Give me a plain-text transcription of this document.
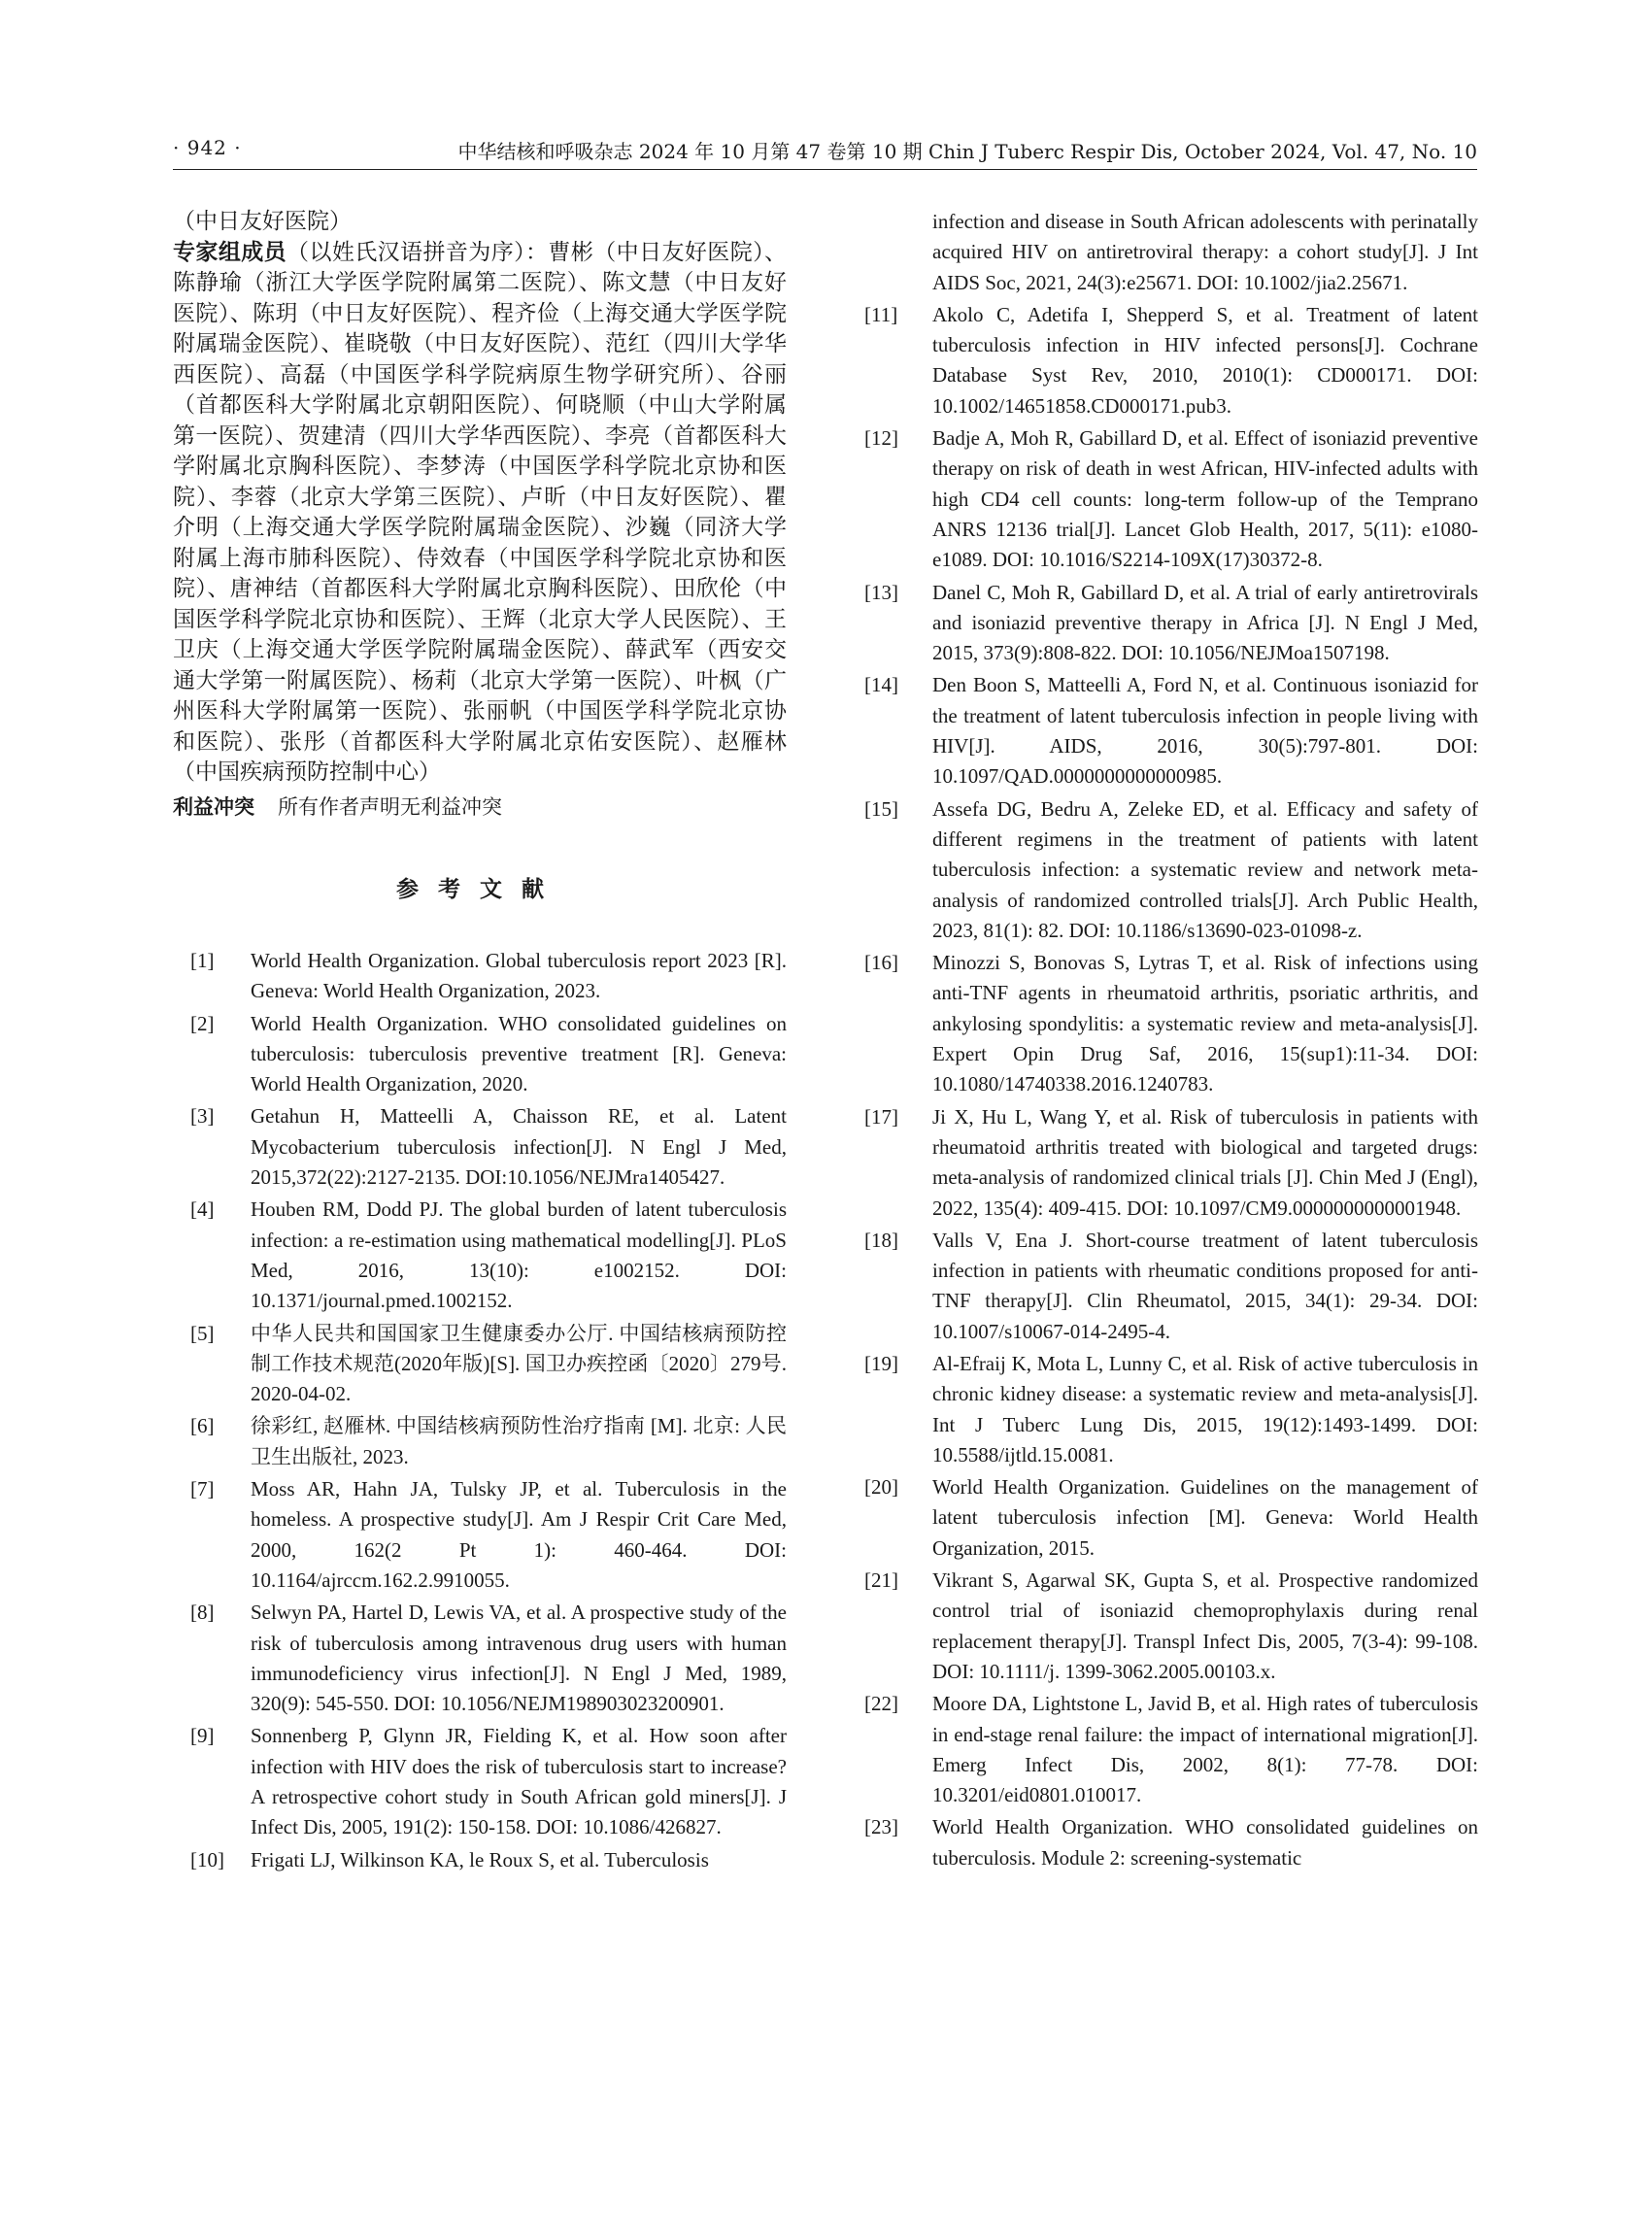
· 942 ·	中华结核和呼吸杂志 2024 年 10 月第 47 卷第 10 期 Chin J Tuberc Respir Dis, October 2024, Vol. 47, No. 10

（中日友好医院）

专家组成员（以姓氏汉语拼音为序）：曹彬（中日友好医院）、陈静瑜（浙江大学医学院附属第二医院）、陈文慧（中日友好医院）、陈玥（中日友好医院）、程齐俭（上海交通大学医学院附属瑞金医院）、崔晓敬（中日友好医院）、范红（四川大学华西医院）、高磊（中国医学科学院病原生物学研究所）、谷丽（首都医科大学附属北京朝阳医院）、何晓顺（中山大学附属第一医院）、贺建清（四川大学华西医院）、李亮（首都医科大学附属北京胸科医院）、李梦涛（中国医学科学院北京协和医院）、李蓉（北京大学第三医院）、卢昕（中日友好医院）、瞿介明（上海交通大学医学院附属瑞金医院）、沙巍（同济大学附属上海市肺科医院）、侍效春（中国医学科学院北京协和医院）、唐神结（首都医科大学附属北京胸科医院）、田欣伦（中国医学科学院北京协和医院）、王辉（北京大学人民医院）、王卫庆（上海交通大学医学院附属瑞金医院）、薛武军（西安交通大学第一附属医院）、杨莉（北京大学第一医院）、叶枫（广州医科大学附属第一医院）、张丽帆（中国医学科学院北京协和医院）、张彤（首都医科大学附属北京佑安医院）、赵雁林（中国疾病预防控制中心）

利益冲突 所有作者声明无利益冲突

参考文献
[1] World Health Organization. Global tuberculosis report 2023 [R]. Geneva: World Health Organization, 2023.
[2] World Health Organization. WHO consolidated guidelines on tuberculosis: tuberculosis preventive treatment [R]. Geneva: World Health Organization, 2020.
[3] Getahun H, Matteelli A, Chaisson RE, et al. Latent Mycobacterium tuberculosis infection[J]. N Engl J Med, 2015,372(22):2127-2135. DOI:10.1056/NEJMra1405427.
[4] Houben RM, Dodd PJ. The global burden of latent tuberculosis infection: a re-estimation using mathematical modelling[J]. PLoS Med, 2016, 13(10): e1002152. DOI: 10.1371/journal.pmed.1002152.
[5] 中华人民共和国国家卫生健康委办公厅. 中国结核病预防控制工作技术规范(2020年版)[S]. 国卫办疾控函〔2020〕279号. 2020-04-02.
[6] 徐彩红, 赵雁林. 中国结核病预防性治疗指南 [M]. 北京: 人民卫生出版社, 2023.
[7] Moss AR, Hahn JA, Tulsky JP, et al. Tuberculosis in the homeless. A prospective study[J]. Am J Respir Crit Care Med, 2000, 162(2 Pt 1): 460-464. DOI: 10.1164/ajrccm.162.2.9910055.
[8] Selwyn PA, Hartel D, Lewis VA, et al. A prospective study of the risk of tuberculosis among intravenous drug users with human immunodeficiency virus infection[J]. N Engl J Med, 1989, 320(9): 545-550. DOI: 10.1056/NEJM198903023200901.
[9] Sonnenberg P, Glynn JR, Fielding K, et al. How soon after infection with HIV does the risk of tuberculosis start to increase? A retrospective cohort study in South African gold miners[J]. J Infect Dis, 2005, 191(2): 150-158. DOI: 10.1086/426827.
[10] Frigati LJ, Wilkinson KA, le Roux S, et al. Tuberculosis
infection and disease in South African adolescents with perinatally acquired HIV on antiretroviral therapy: a cohort study[J]. J Int AIDS Soc, 2021, 24(3):e25671. DOI: 10.1002/jia2.25671.
[11] Akolo C, Adetifa I, Shepperd S, et al. Treatment of latent tuberculosis infection in HIV infected persons[J]. Cochrane Database Syst Rev, 2010, 2010(1): CD000171. DOI: 10.1002/14651858.CD000171.pub3.
[12] Badje A, Moh R, Gabillard D, et al. Effect of isoniazid preventive therapy on risk of death in west African, HIV-infected adults with high CD4 cell counts: long-term follow-up of the Temprano ANRS 12136 trial[J]. Lancet Glob Health, 2017, 5(11): e1080-e1089. DOI: 10.1016/S2214-109X(17)30372-8.
[13] Danel C, Moh R, Gabillard D, et al. A trial of early antiretrovirals and isoniazid preventive therapy in Africa [J]. N Engl J Med, 2015, 373(9):808-822. DOI: 10.1056/NEJMoa1507198.
[14] Den Boon S, Matteelli A, Ford N, et al. Continuous isoniazid for the treatment of latent tuberculosis infection in people living with HIV[J]. AIDS, 2016, 30(5):797-801. DOI: 10.1097/QAD.0000000000000985.
[15] Assefa DG, Bedru A, Zeleke ED, et al. Efficacy and safety of different regimens in the treatment of patients with latent tuberculosis infection: a systematic review and network meta-analysis of randomized controlled trials[J]. Arch Public Health, 2023, 81(1): 82. DOI: 10.1186/s13690-023-01098-z.
[16] Minozzi S, Bonovas S, Lytras T, et al. Risk of infections using anti-TNF agents in rheumatoid arthritis, psoriatic arthritis, and ankylosing spondylitis: a systematic review and meta-analysis[J]. Expert Opin Drug Saf, 2016, 15(sup1):11-34. DOI: 10.1080/14740338.2016.1240783.
[17] Ji X, Hu L, Wang Y, et al. Risk of tuberculosis in patients with rheumatoid arthritis treated with biological and targeted drugs: meta-analysis of randomized clinical trials [J]. Chin Med J (Engl), 2022, 135(4): 409-415. DOI: 10.1097/CM9.0000000000001948.
[18] Valls V, Ena J. Short-course treatment of latent tuberculosis infection in patients with rheumatic conditions proposed for anti-TNF therapy[J]. Clin Rheumatol, 2015, 34(1): 29-34. DOI: 10.1007/s10067-014-2495-4.
[19] Al-Efraij K, Mota L, Lunny C, et al. Risk of active tuberculosis in chronic kidney disease: a systematic review and meta-analysis[J]. Int J Tuberc Lung Dis, 2015, 19(12):1493-1499. DOI: 10.5588/ijtld.15.0081.
[20] World Health Organization. Guidelines on the management of latent tuberculosis infection [M]. Geneva: World Health Organization, 2015.
[21] Vikrant S, Agarwal SK, Gupta S, et al. Prospective randomized control trial of isoniazid chemoprophylaxis during renal replacement therapy[J]. Transpl Infect Dis, 2005, 7(3-4): 99-108. DOI: 10.1111/j. 1399-3062.2005.00103.x.
[22] Moore DA, Lightstone L, Javid B, et al. High rates of tuberculosis in end-stage renal failure: the impact of international migration[J]. Emerg Infect Dis, 2002, 8(1): 77-78. DOI: 10.3201/eid0801.010017.
[23] World Health Organization. WHO consolidated guidelines on tuberculosis. Module 2: screening-systematic
